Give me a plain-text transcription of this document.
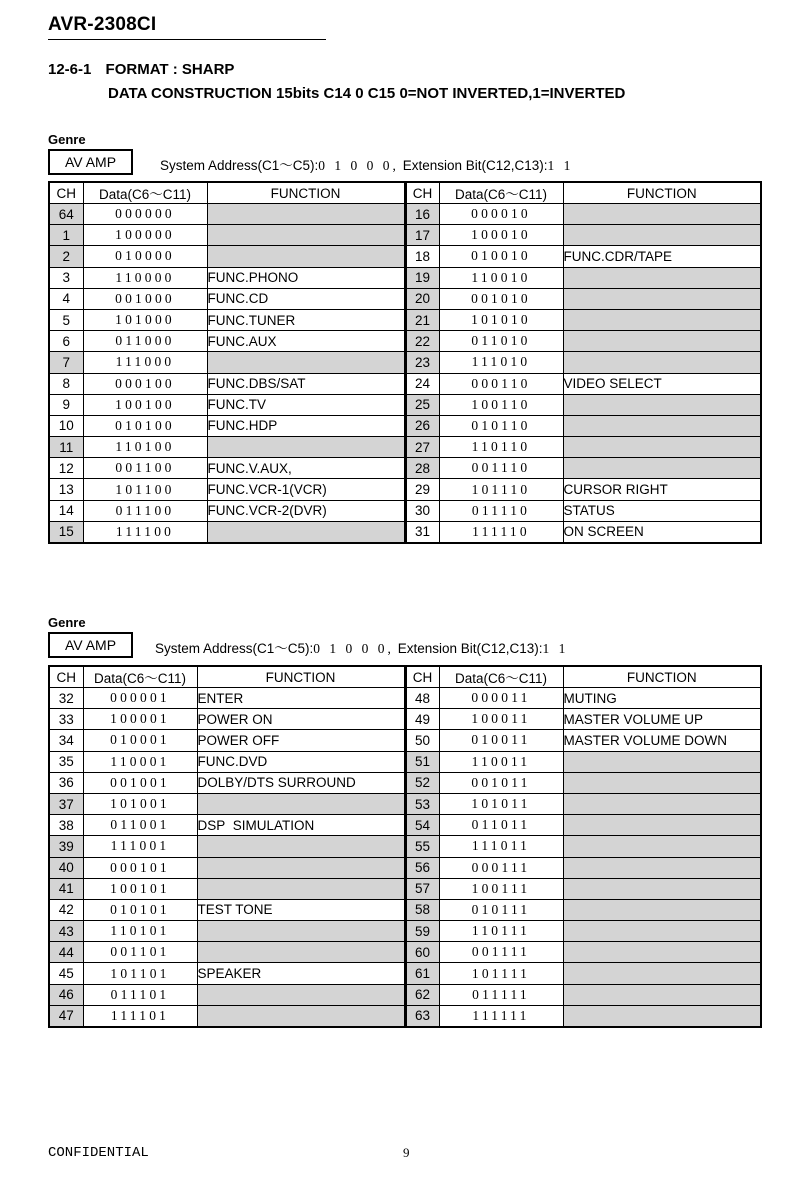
AVR-2308CI
12-6-1 FORMAT : SHARP
DATA CONSTRUCTION 15bits C14 0 C15 0=NOT INVERTED,1=INVERTED
Genre
AV AMP	System Address(C1～C5):0 1 0 0 0, Extension Bit(C12,C13):1 1
CH	Data(C6～C11)	FUNCTION	CH	Data(C6～C11)	FUNCTION
64	000000		16	000010	
1	100000		17	100010	
2	010000		18	010010	FUNC.CDR/TAPE
3	110000	FUNC.PHONO	19	110010	
4	001000	FUNC.CD	20	001010	
5	101000	FUNC.TUNER	21	101010	
6	011000	FUNC.AUX	22	011010	
7	111000		23	111010	
8	000100	FUNC.DBS/SAT	24	000110	VIDEO SELECT
9	100100	FUNC.TV	25	100110	
10	010100	FUNC.HDP	26	010110	
11	110100		27	110110	
12	001100	FUNC.V.AUX,	28	001110	
13	101100	FUNC.VCR-1(VCR)	29	101110	CURSOR RIGHT
14	011100	FUNC.VCR-2(DVR)	30	011110	STATUS
15	111100		31	111110	ON SCREEN
Genre
AV AMP	System Address(C1～C5):0 1 0 0 0, Extension Bit(C12,C13):1 1
CH	Data(C6～C11)	FUNCTION	CH	Data(C6～C11)	FUNCTION
32	000001	ENTER	48	000011	MUTING
33	100001	POWER ON	49	100011	MASTER VOLUME UP
34	010001	POWER OFF	50	010011	MASTER VOLUME DOWN
35	110001	FUNC.DVD	51	110011	
36	001001	DOLBY/DTS SURROUND	52	001011	
37	101001		53	101011	
38	011001	DSP  SIMULATION	54	011011	
39	111001		55	111011	
40	000101		56	000111	
41	100101		57	100111	
42	010101	TEST TONE	58	010111	
43	110101		59	110111	
44	001101		60	001111	
45	101101	SPEAKER	61	101111	
46	011101		62	011111	
47	111101		63	111111	
CONFIDENTIAL	9
